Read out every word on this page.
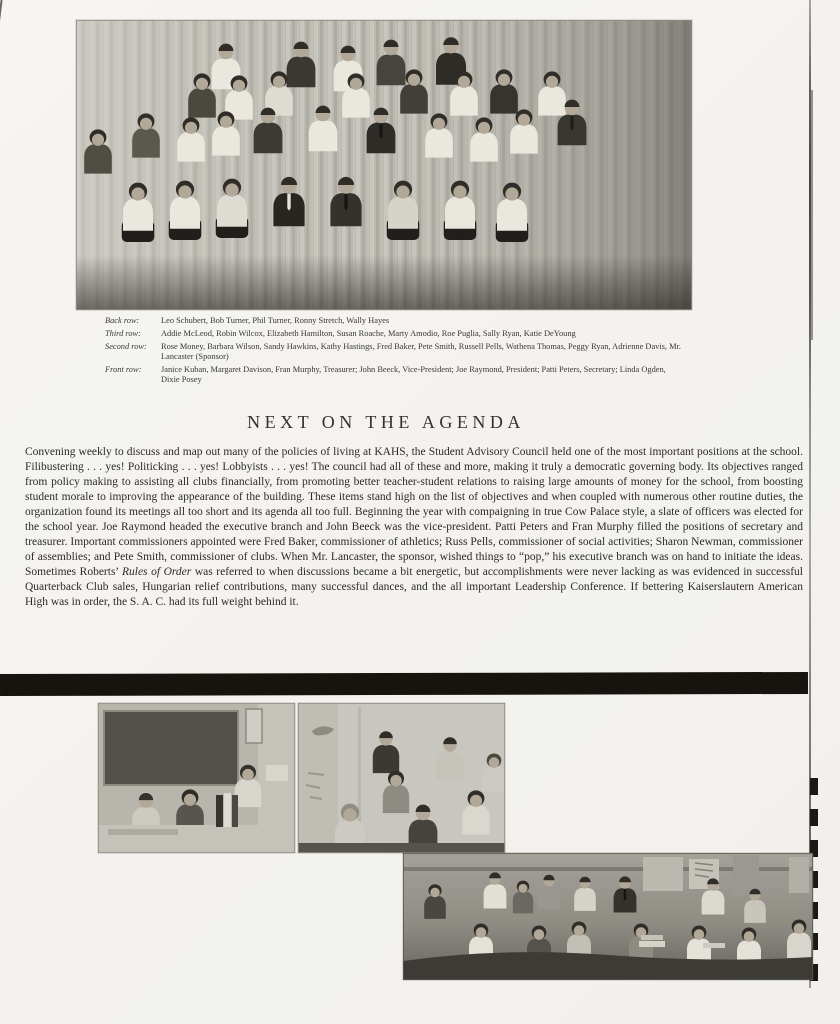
Back row:	Leo Schubert, Bob Turner, Phil Turner, Ronny Stretch, Wally Hayes
Third row:	Addie McLeod, Robin Wilcox, Elizabeth Hamilton, Susan Roache, Marty Amodio, Roe Puglia, Sally Ryan, Katie DeYoung
Second row:	Rose Money, Barbara Wilson, Sandy Hawkins, Kathy Hastings, Fred Baker, Pete Smith, Russell Pells, Wathena Thomas, Peggy Ryan, Adrienne Davis, Mr. Lancaster (Sponsor)
Front row:	Janice Kuban, Margaret Davison, Fran Murphy, Treasurer; John Beeck, Vice-President; Joe Raymond, President; Patti Peters, Secretary; Linda Ogden, Dixie Posey
NEXT ON THE AGENDA

Convening weekly to discuss and map out many of the policies of living at KAHS, the Student Advisory Council held one of the most important positions at the school. Filibustering . . . yes! Politicking . . . yes! Lobbyists . . . yes! The council had all of these and more, making it truly a democratic governing body. Its objectives ranged from policy making to assisting all clubs financially, from promoting better teacher-student relations to raising large amounts of money for the school, from boosting student morale to improving the appearance of the building. These items stand high on the list of objectives and when coupled with numerous other routine duties, the organization found its meetings all too short and its agenda all too full. Beginning the year with compaigning in true Cow Palace style, a slate of officers was elected for the school year. Joe Raymond headed the executive branch and John Beeck was the vice-president. Patti Peters and Fran Murphy filled the positions of secretary and treasurer. Important commissioners appointed were Fred Baker, commissioner of athletics; Russ Pells, commissioner of social activities; Sharon Newman, commissioner of assemblies; and Pete Smith, commissioner of clubs. When Mr. Lancaster, the sponsor, wished things to “pop,” his executive branch was on hand to initiate the ideas. Sometimes Roberts’ Rules of Order was referred to when discussions became a bit energetic, but accomplishments were never lacking as was evidenced in successful Quarterback Club sales, Hungarian relief contributions, many successful dances, and the all important Leadership Conference. If bettering Kaiserslautern American High was in order, the S. A. C. had its full weight behind it.
